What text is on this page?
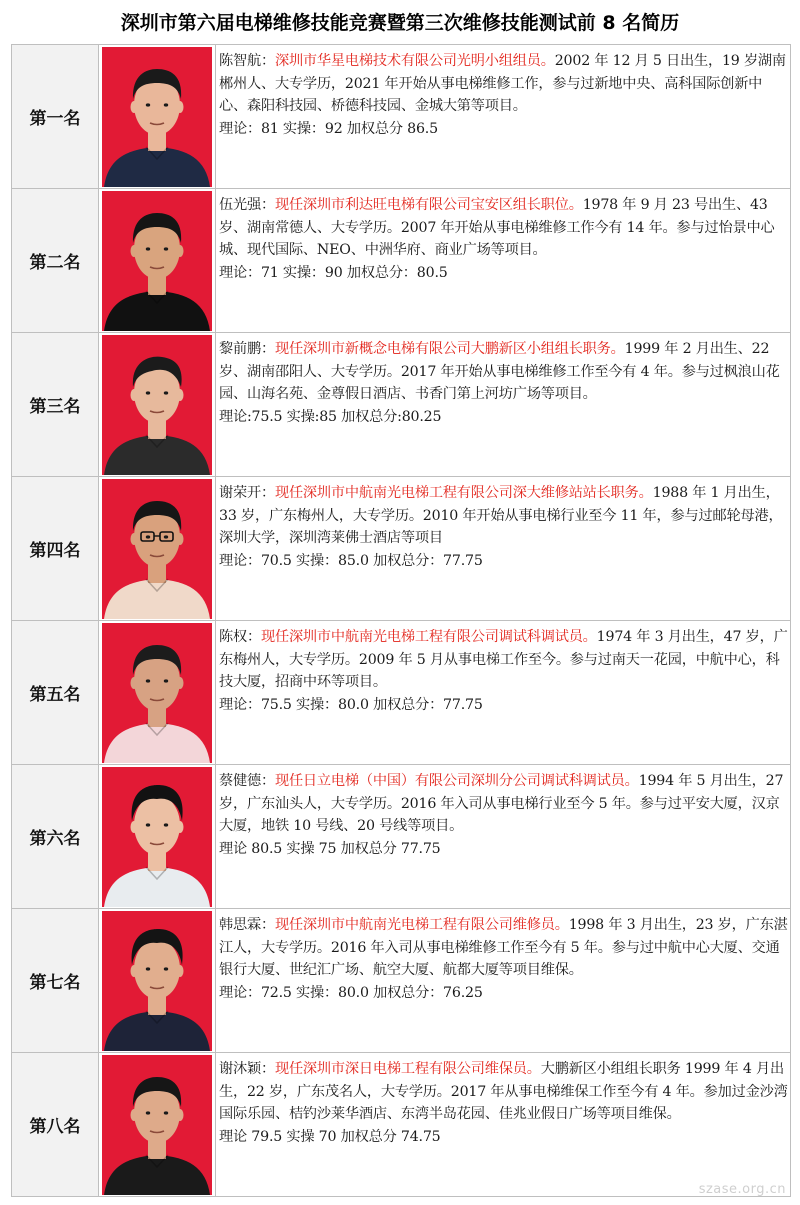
深圳市第六届电梯维修技能竞赛暨第三次维修技能测试前 8 名简历
第一名		陈智航：深圳市华星电梯技术有限公司光明小组组员。2002 年 12 月 5 日出生，19 岁湖南郴州人、大专学历，2021 年开始从事电梯维修工作，参与过新地中央、高科国际创新中心、森阳科技园、桥德科技园、金城大第等项目。
理论：81 实操：92 加权总分 86.5

第二名		伍光强：现任深圳市利达旺电梯有限公司宝安区组长职位。1978 年 9 月 23 号出生、43 岁、湖南常德人、大专学历。2007 年开始从事电梯维修工作今有 14 年。参与过怡景中心城、现代国际、NEO、中洲华府、商业广场等项目。
理论：71 实操：90 加权总分：80.5

第三名		黎前鹏：现任深圳市新概念电梯有限公司大鹏新区小组组长职务。1999 年 2 月出生、22 岁、湖南邵阳人、大专学历。2017 年开始从事电梯维修工作至今有 4 年。参与过枫浪山花园、山海名苑、金尊假日酒店、书香门第上河坊广场等项目。
理论:75.5 实操:85 加权总分:80.25

第四名		谢荣开：现任深圳市中航南光电梯工程有限公司深大维修站站长职务。1988 年 1 月出生，33 岁，广东梅州人，大专学历。2010 年开始从事电梯行业至今 11 年，参与过邮轮母港，深圳大学，深圳湾莱佛士酒店等项目
理论：70.5 实操：85.0 加权总分：77.75

第五名		陈权：现任深圳市中航南光电梯工程有限公司调试科调试员。1974 年 3 月出生，47 岁，广东梅州人，大专学历。2009 年 5 月从事电梯工作至今。参与过南天一花园，中航中心，科技大厦，招商中环等项目。
理论：75.5 实操：80.0 加权总分：77.75

第六名		蔡健德：现任日立电梯（中国）有限公司深圳分公司调试科调试员。1994 年 5 月出生，27 岁，广东汕头人，大专学历。2016 年入司从事电梯行业至今 5 年。参与过平安大厦，汉京大厦，地铁 10 号线、20 号线等项目。
理论 80.5 实操 75 加权总分 77.75

第七名		韩思霖：现任深圳市中航南光电梯工程有限公司维修员。1998 年 3 月出生，23 岁，广东湛江人，大专学历。2016 年入司从事电梯维修工作至今有 5 年。参与过中航中心大厦、交通银行大厦、世纪汇广场、航空大厦、航都大厦等项目维保。
理论：72.5 实操：80.0 加权总分：76.25

第八名		谢沐颖：现任深圳市深日电梯工程有限公司维保员。大鹏新区小组组长职务 1999 年 4 月出生，22 岁，广东茂名人，大专学历。2017 年从事电梯维保工作至今有 4 年。参加过金沙湾国际乐园、桔钓沙莱华酒店、东湾半岛花园、佳兆业假日广场等项目维保。
理论 79.5 实操 70 加权总分 74.75
szase.org.cn
